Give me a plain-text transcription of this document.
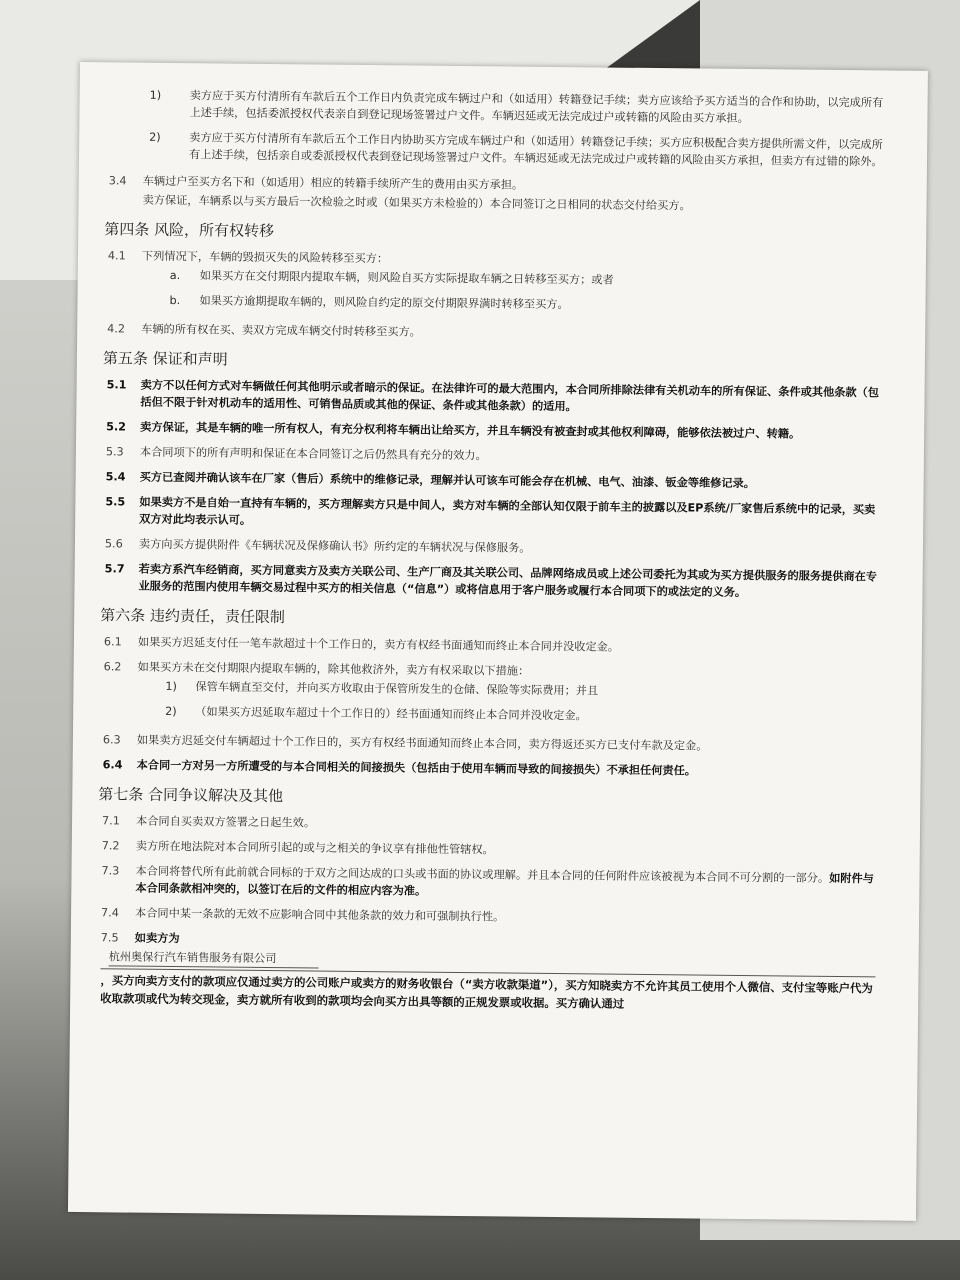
1)	卖方应于买方付清所有车款后五个工作日内负责完成车辆过户和（如适用）转籍登记手续；卖方应该给予买方适当的合作和协助，以完成所有上述手续，包括委派授权代表亲自到登记现场签署过户文件。车辆迟延或无法完成过户或转籍的风险由买方承担。
2)	卖方应于买方付清所有车款后五个工作日内协助买方完成车辆过户和（如适用）转籍登记手续；买方应积极配合卖方提供所需文件，以完成所有上述手续，包括亲自或委派授权代表到登记现场签署过户文件。车辆迟延或无法完成过户或转籍的风险由买方承担，但卖方有过错的除外。
3.4	车辆过户至买方名下和（如适用）相应的转籍手续所产生的费用由买方承担。
卖方保证，车辆系以与买方最后一次检验之时或（如果买方未检验的）本合同签订之日相同的状态交付给买方。
第四条 风险，所有权转移
4.1	下列情况下，车辆的毁损灭失的风险转移至买方：
a.	如果买方在交付期限内提取车辆，则风险自买方实际提取车辆之日转移至买方；或者
b.	如果买方逾期提取车辆的，则风险自约定的原交付期限界满时转移至买方。
4.2	车辆的所有权在买、卖双方完成车辆交付时转移至买方。
第五条 保证和声明
5.1	卖方不以任何方式对车辆做任何其他明示或者暗示的保证。在法律许可的最大范围内，本合同所排除法律有关机动车的所有保证、条件或其他条款（包括但不限于针对机动车的适用性、可销售品质或其他的保证、条件或其他条款）的适用。
5.2	卖方保证，其是车辆的唯一所有权人，有充分权利将车辆出让给买方，并且车辆没有被查封或其他权利障碍，能够依法被过户、转籍。
5.3	本合同项下的所有声明和保证在本合同签订之后仍然具有充分的效力。
5.4	买方已查阅并确认该车在厂家（售后）系统中的维修记录，理解并认可该车可能会存在机械、电气、油漆、钣金等维修记录。
5.5	如果卖方不是自始一直持有车辆的，买方理解卖方只是中间人，卖方对车辆的全部认知仅限于前车主的披露以及EP系统/厂家售后系统中的记录，买卖双方对此均表示认可。
5.6	卖方向买方提供附件《车辆状况及保修确认书》所约定的车辆状况与保修服务。
5.7	若卖方系汽车经销商，买方同意卖方及卖方关联公司、生产厂商及其关联公司、品牌网络成员或上述公司委托为其或为买方提供服务的服务提供商在专业服务的范围内使用车辆交易过程中买方的相关信息（“信息”）或将信息用于客户服务或履行本合同项下的或法定的义务。
第六条 违约责任，责任限制
6.1	如果买方迟延支付任一笔车款超过十个工作日的，卖方有权经书面通知而终止本合同并没收定金。
6.2	如果买方未在交付期限内提取车辆的，除其他救济外，卖方有权采取以下措施：
1)	保管车辆直至交付，并向买方收取由于保管所发生的仓储、保险等实际费用；并且
2)	（如果买方迟延取车超过十个工作日的）经书面通知而终止本合同并没收定金。
6.3	如果卖方迟延交付车辆超过十个工作日的，买方有权经书面通知而终止本合同，卖方得返还买方已支付车款及定金。
6.4	本合同一方对另一方所遭受的与本合同相关的间接损失（包括由于使用车辆而导致的间接损失）不承担任何责任。
第七条 合同争议解决及其他
7.1	本合同自买卖双方签署之日起生效。
7.2	卖方所在地法院对本合同所引起的或与之相关的争议享有排他性管辖权。
7.3	本合同将替代所有此前就合同标的于双方之间达成的口头或书面的协议或理解。并且本合同的任何附件应该被视为本合同不可分割的一部分。如附件与本合同条款相冲突的，以签订在后的文件的相应内容为准。
7.4	本合同中某一条款的无效不应影响合同中其他条款的效力和可强制执行性。
7.5	如卖方为
杭州奥保行汽车销售服务有限公司
，买方向卖方支付的款项应仅通过卖方的公司账户或卖方的财务收银台（“卖方收款渠道”），买方知晓卖方不允许其员工使用个人微信、支付宝等账户代为收取款项或代为转交现金，卖方就所有收到的款项均会向买方出具等额的正规发票或收据。买方确认通过
